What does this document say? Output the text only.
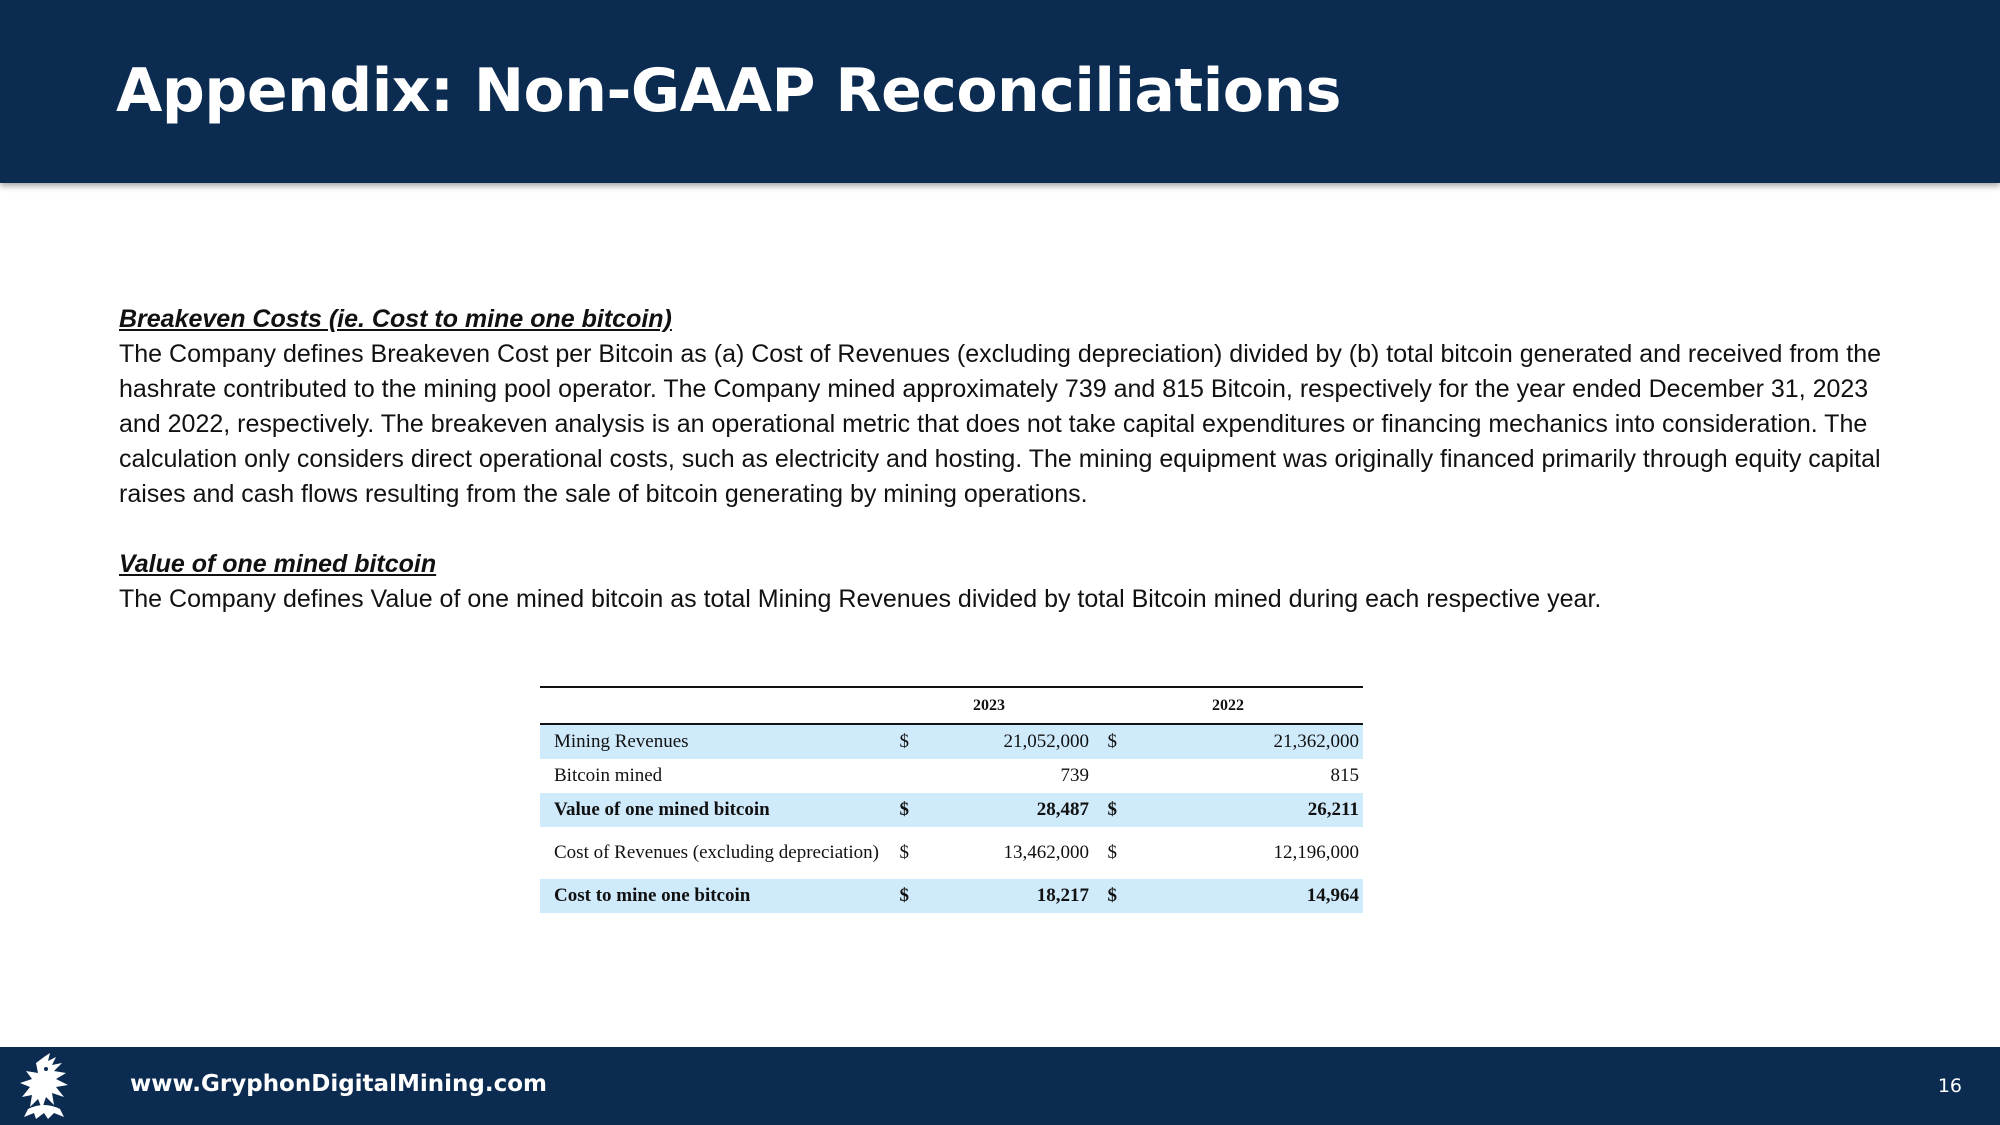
Appendix: Non-GAAP Reconciliations

Breakeven Costs (ie. Cost to mine one bitcoin)

The Company defines Breakeven Cost per Bitcoin as (a) Cost of Revenues (excluding depreciation) divided by (b) total bitcoin generated and received from the hashrate contributed to the mining pool operator. The Company mined approximately 739 and 815 Bitcoin, respectively for the year ended December 31, 2023 and 2022, respectively. The breakeven analysis is an operational metric that does not take capital expenditures or financing mechanics into consideration. The calculation only considers direct operational costs, such as electricity and hosting. The mining equipment was originally financed primarily through equity capital raises and cash flows resulting from the sale of bitcoin generating by mining operations.

Value of one mined bitcoin

The Company defines Value of one mined bitcoin as total Mining Revenues divided by total Bitcoin mined during each respective year.

	2023		2022	
Mining Revenues	$	21,052,000	$	21,362,000
Bitcoin mined		739		815
Value of one mined bitcoin	$	28,487	$	26,211
Cost of Revenues (excluding depreciation)	$	13,462,000	$	12,196,000
Cost to mine one bitcoin	$	18,217	$	14,964
www.GryphonDigitalMining.com	16
